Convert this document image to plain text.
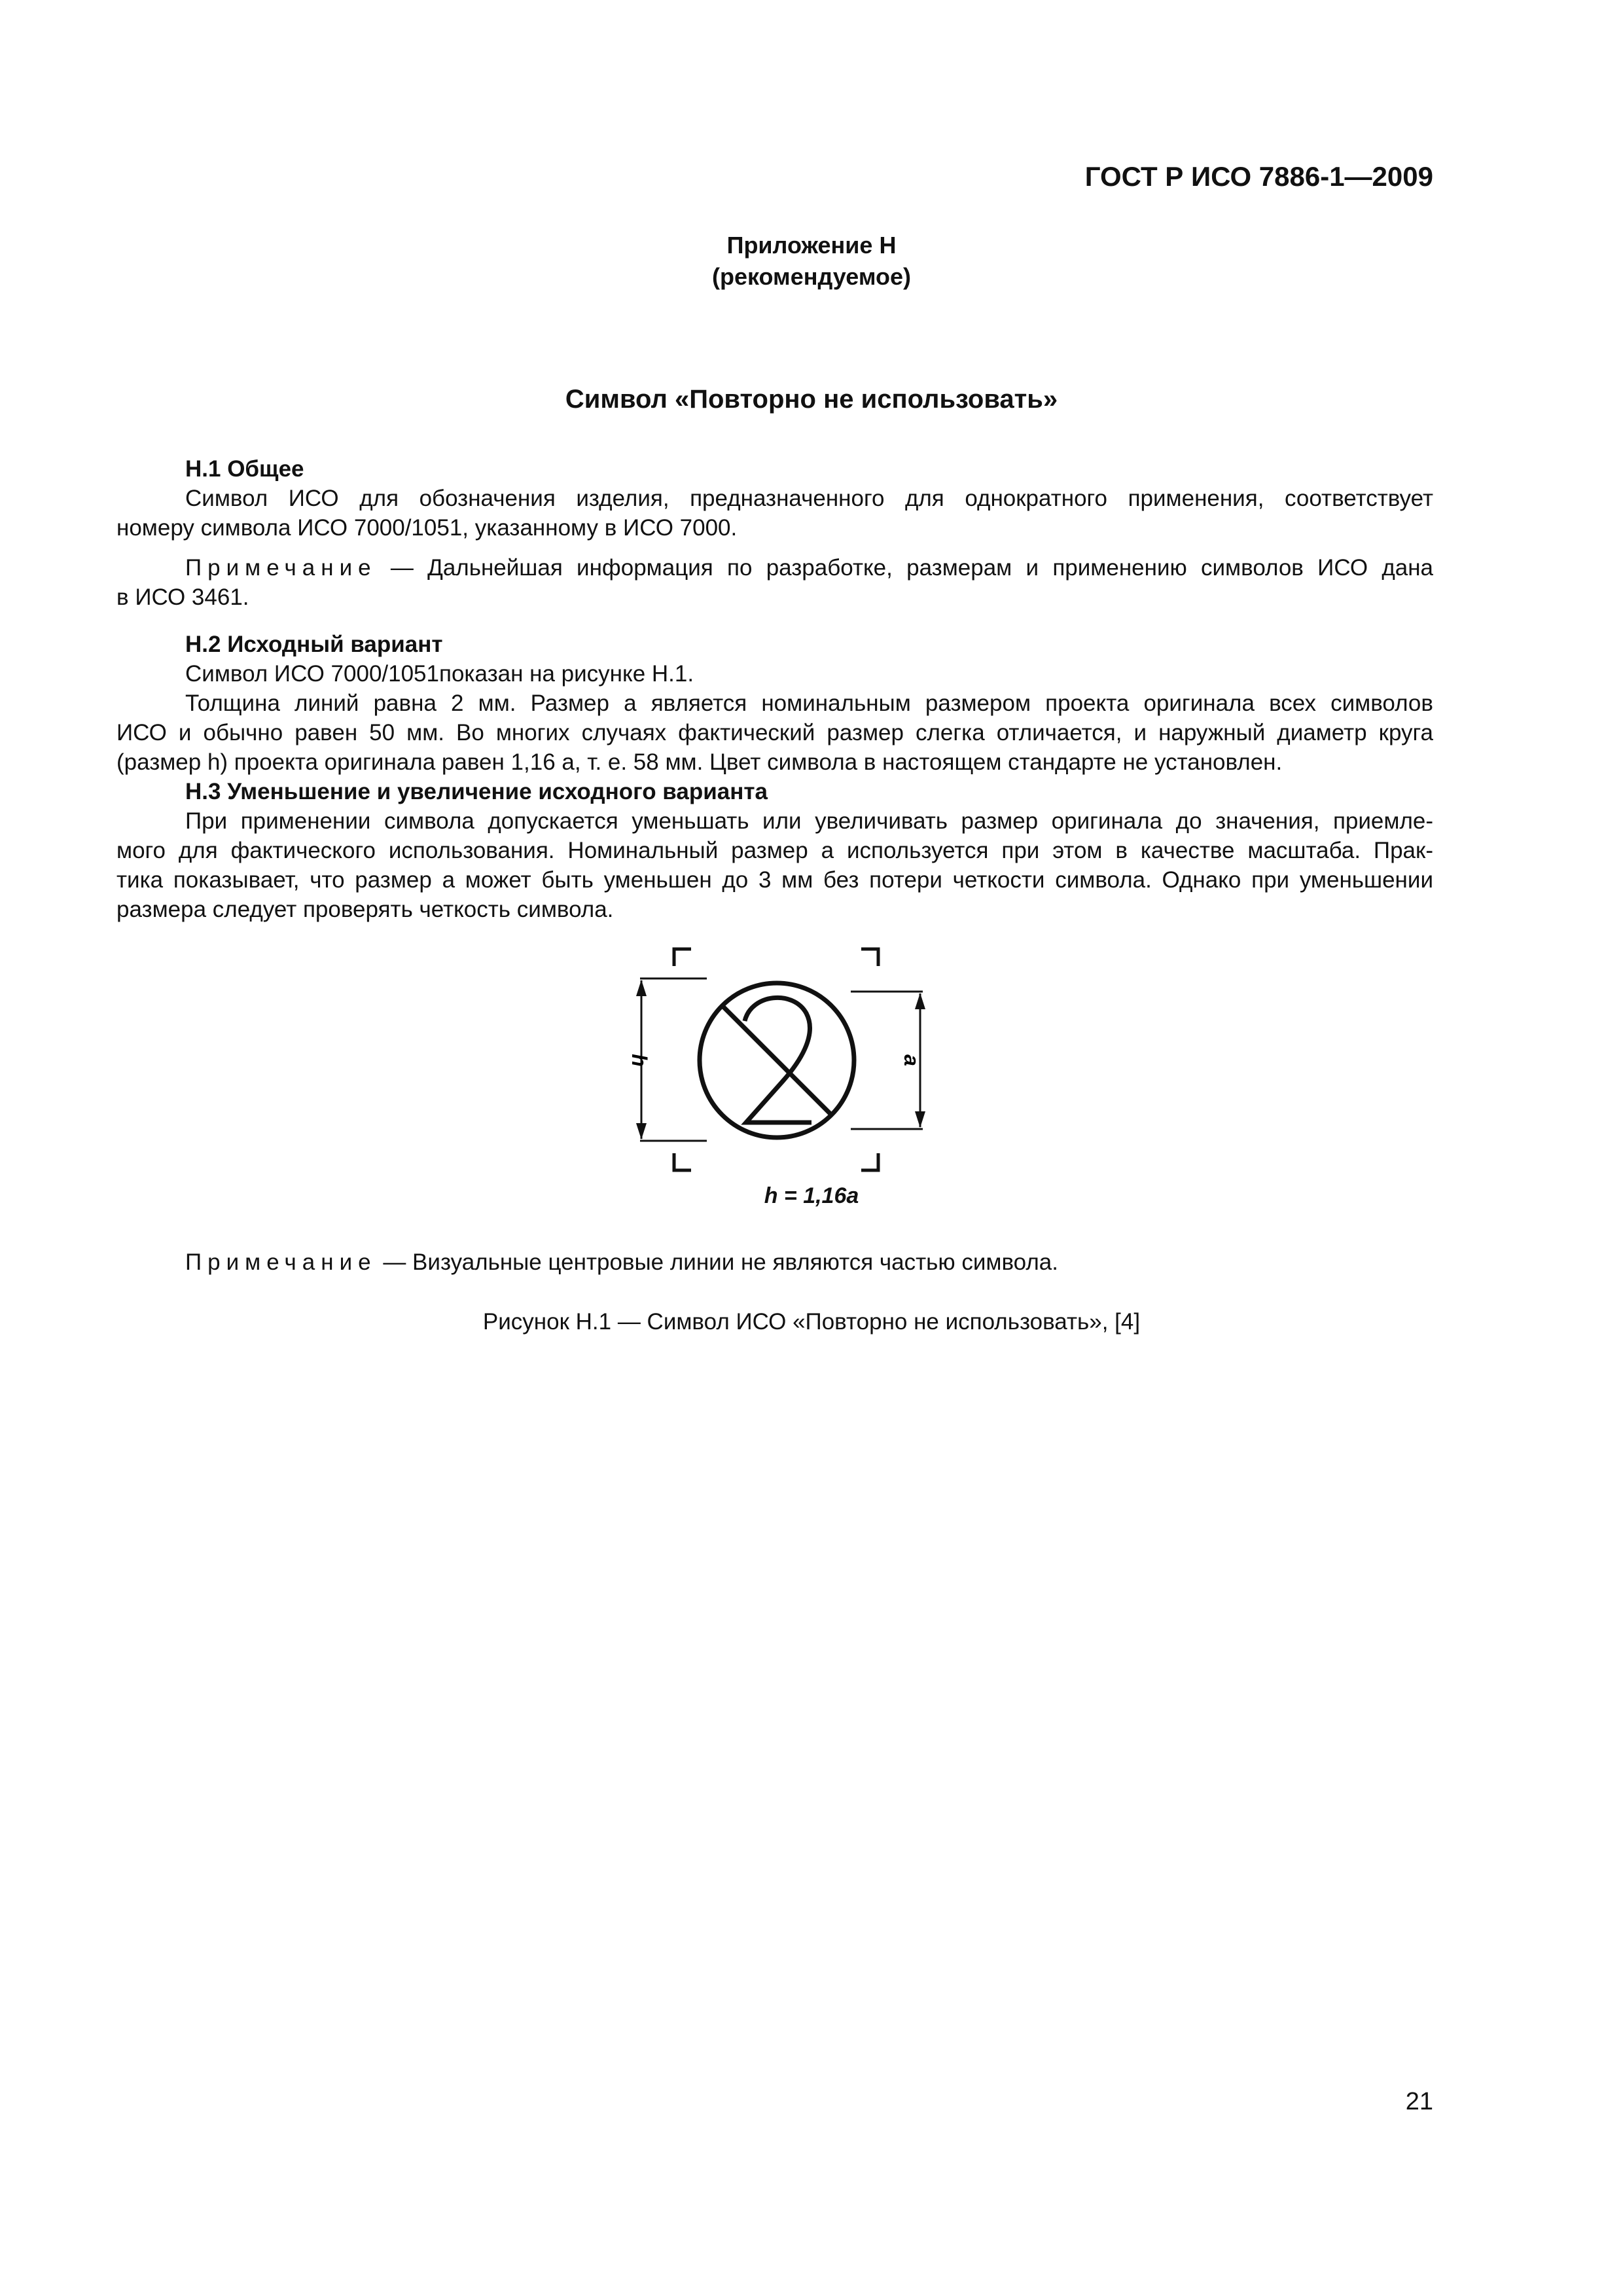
ГОСТ Р ИСО 7886-1—2009
Приложение Н
(рекомендуемое)
Символ «Повторно не использовать»
Н.1 Общее
Символ ИСО для обозначения изделия, предназначенного для однократного применения, соответствует
номеру символа ИСО 7000/1051, указанному в ИСО 7000.
Примечание — Дальнейшая информация по разработке, размерам и применению символов ИСО дана
в ИСО 3461.
Н.2 Исходный вариант
Символ ИСО 7000/1051показан на рисунке Н.1.
Толщина линий равна 2 мм. Размер a является номинальным размером проекта оригинала всех символов
ИСО и обычно равен 50 мм. Во многих случаях фактический размер слегка отличается, и наружный диаметр круга
(размер h) проекта оригинала равен 1,16 a, т. е. 58 мм. Цвет символа в настоящем стандарте не установлен.
Н.3 Уменьшение и увеличение исходного варианта
При применении символа допускается уменьшать или увеличивать размер оригинала до значения, приемле-
мого для фактического использования. Номинальный размер a используется при этом в качестве масштаба. Прак-
тика показывает, что размер a может быть уменьшен до 3 мм без потери четкости символа. Однако при уменьшении
размера следует проверять четкость символа.
h	a
h = 1,16a
Примечание — Визуальные центровые линии не являются частью символа.
Рисунок Н.1 — Символ ИСО «Повторно не использовать», [4]
21
